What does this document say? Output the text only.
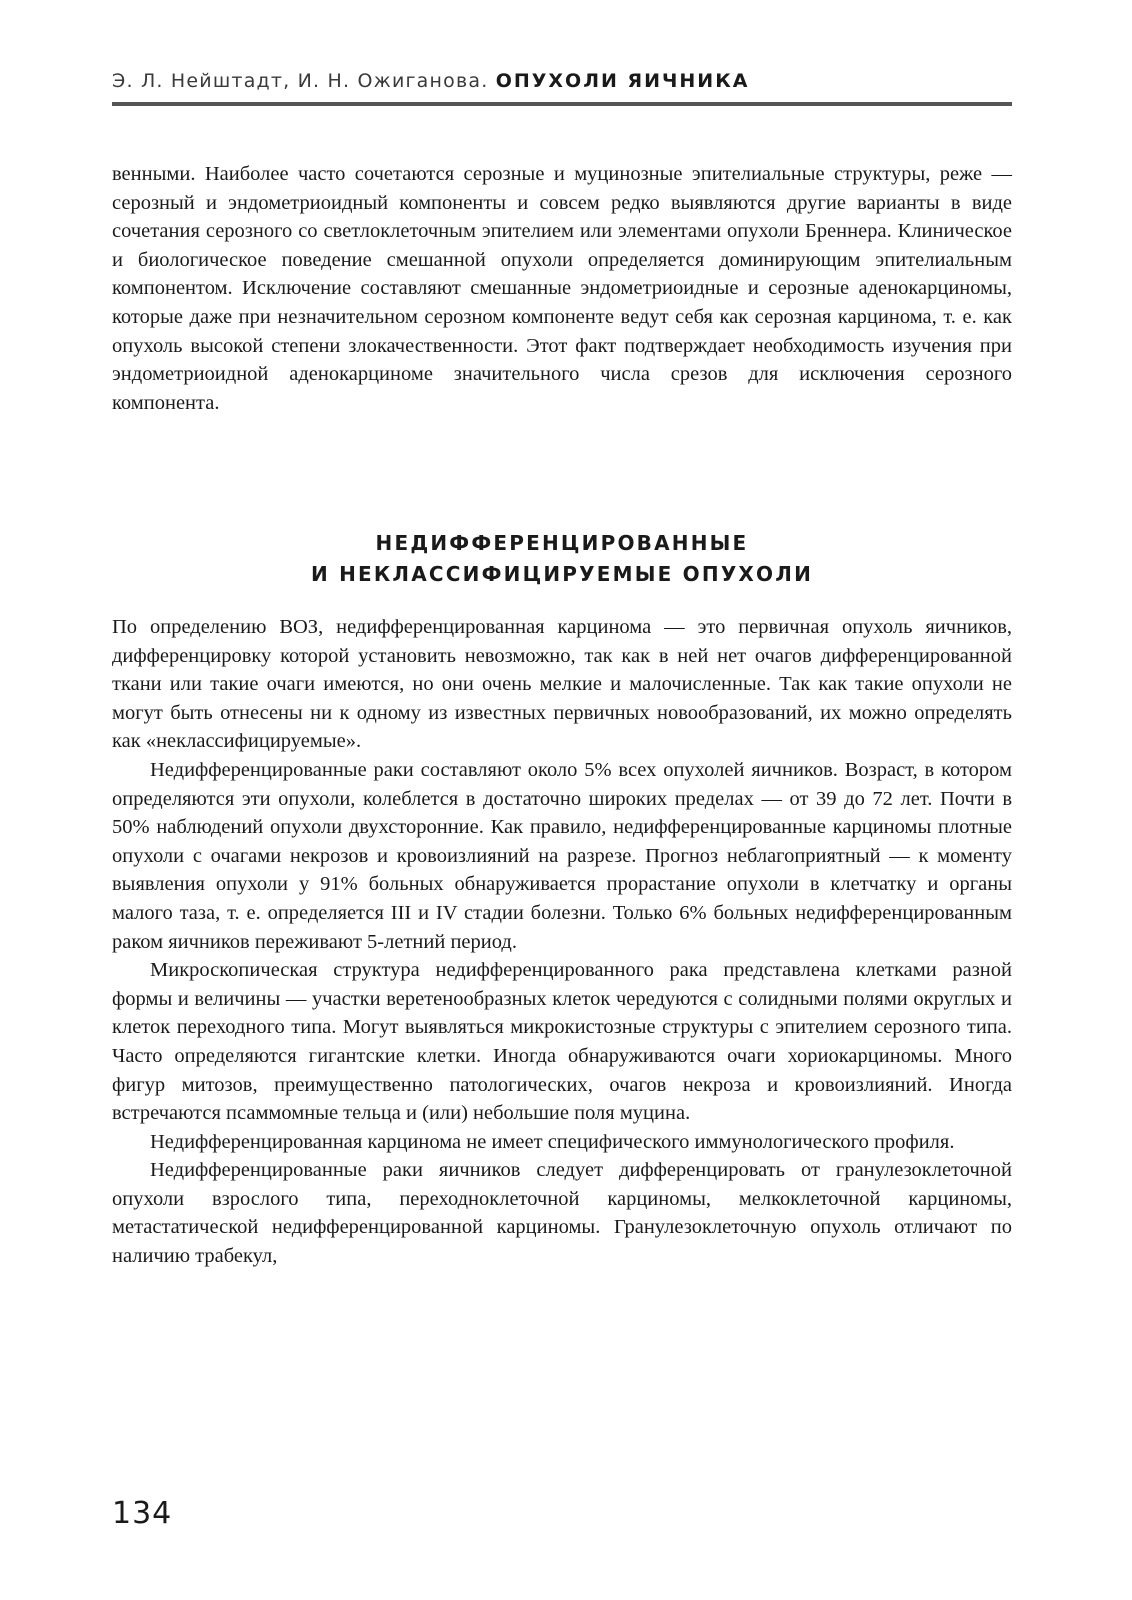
Э. Л. Нейштадт, И. Н. Ожиганова. ОПУХОЛИ ЯИЧНИКА

венными. Наиболее часто сочетаются серозные и муцинозные эпителиальные структуры, реже — серозный и эндометриоидный компоненты и совсем редко выявляются другие варианты в виде сочетания серозного со светлоклеточным эпителием или элементами опухоли Бреннера. Клиническое и биологическое поведение смешанной опухоли определяется доминирующим эпителиальным компонентом. Исключение составляют смешанные эндометриоидные и серозные аденокарциномы, которые даже при незначительном серозном компоненте ведут себя как серозная карцинома, т. е. как опухоль высокой степени злокачественности. Этот факт подтверждает необходимость изучения при эндометриоидной аденокарциноме значительного числа срезов для исключения серозного компонента.

НЕДИФФЕРЕНЦИРОВАННЫЕ
И НЕКЛАССИФИЦИРУЕМЫЕ ОПУХОЛИ

По определению ВОЗ, недифференцированная карцинома — это первичная опухоль яичников, дифференцировку которой установить невозможно, так как в ней нет очагов дифференцированной ткани или такие очаги имеются, но они очень мелкие и малочисленные. Так как такие опухоли не могут быть отнесены ни к одному из известных первичных новообразований, их можно определять как «неклассифицируемые».

Недифференцированные раки составляют около 5% всех опухолей яичников. Возраст, в котором определяются эти опухоли, колеблется в достаточно широких пределах — от 39 до 72 лет. Почти в 50% наблюдений опухоли двухсторонние. Как правило, недифференцированные карциномы плотные опухоли с очагами некрозов и кровоизлияний на разрезе. Прогноз неблагоприятный — к моменту выявления опухоли у 91% больных обнаруживается прорастание опухоли в клетчатку и органы малого таза, т. е. определяется III и IV стадии болезни. Только 6% больных недифференцированным раком яичников переживают 5-летний период.

Микроскопическая структура недифференцированного рака представлена клетками разной формы и величины — участки веретенообразных клеток чередуются с солидными полями округлых и клеток переходного типа. Могут выявляться микрокистозные структуры с эпителием серозного типа. Часто определяются гигантские клетки. Иногда обнаруживаются очаги хориокарциномы. Много фигур митозов, преимущественно патологических, очагов некроза и кровоизлияний. Иногда встречаются псаммомные тельца и (или) небольшие поля муцина.

Недифференцированная карцинома не имеет специфического иммунологического профиля.

Недифференцированные раки яичников следует дифференцировать от гранулезоклеточной опухоли взрослого типа, переходноклеточной карциномы, мелкоклеточной карциномы, метастатической недифференцированной карциномы. Гранулезоклеточную опухоль отличают по наличию трабекул,

134
